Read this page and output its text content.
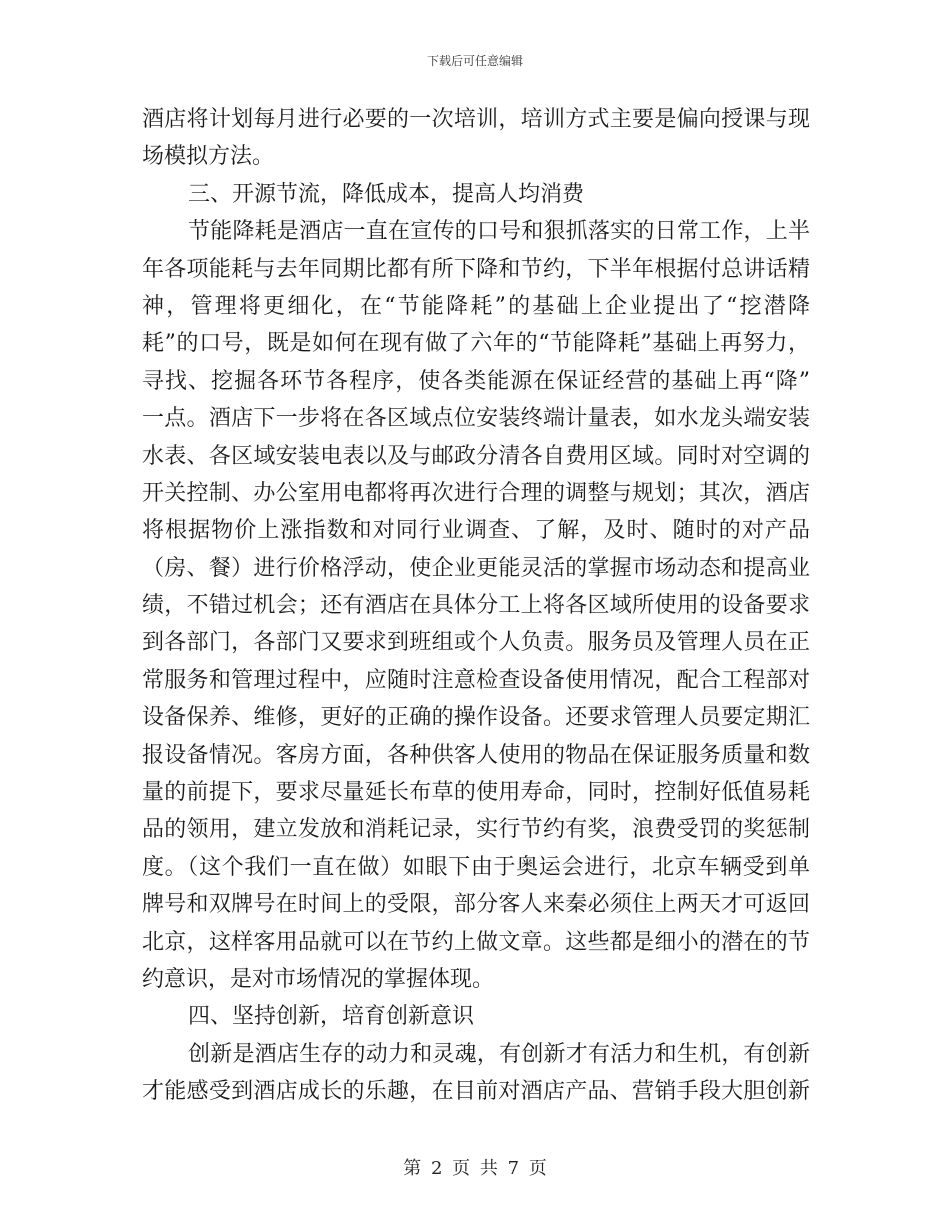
下载后可任意编辑
酒店将计划每月进行必要的一次培训，培训方式主要是偏向授课与现
场模拟方法。
三、开源节流，降低成本，提高人均消费
节能降耗是酒店一直在宣传的口号和狠抓落实的日常工作，上半
年各项能耗与去年同期比都有所下降和节约，下半年根据付总讲话精
神，管理将更细化，在“节能降耗”的基础上企业提出了“挖潜降
耗”的口号，既是如何在现有做了六年的“节能降耗”基础上再努力，
寻找、挖掘各环节各程序，使各类能源在保证经营的基础上再“降”
一点。酒店下一步将在各区域点位安装终端计量表，如水龙头端安装
水表、各区域安装电表以及与邮政分清各自费用区域。同时对空调的
开关控制、办公室用电都将再次进行合理的调整与规划；其次，酒店
将根据物价上涨指数和对同行业调查、了解，及时、随时的对产品
（房、餐）进行价格浮动，使企业更能灵活的掌握市场动态和提高业
绩，不错过机会；还有酒店在具体分工上将各区域所使用的设备要求
到各部门，各部门又要求到班组或个人负责。服务员及管理人员在正
常服务和管理过程中，应随时注意检查设备使用情况，配合工程部对
设备保养、维修，更好的正确的操作设备。还要求管理人员要定期汇
报设备情况。客房方面，各种供客人使用的物品在保证服务质量和数
量的前提下，要求尽量延长布草的使用寿命，同时，控制好低值易耗
品的领用，建立发放和消耗记录，实行节约有奖，浪费受罚的奖惩制
度。（这个我们一直在做）如眼下由于奥运会进行，北京车辆受到单
牌号和双牌号在时间上的受限，部分客人来秦必须住上两天才可返回
北京，这样客用品就可以在节约上做文章。这些都是细小的潜在的节
约意识，是对市场情况的掌握体现。
四、坚持创新，培育创新意识
创新是酒店生存的动力和灵魂，有创新才有活力和生机，有创新
才能感受到酒店成长的乐趣，在目前对酒店产品、营销手段大胆创新
第 2 页 共 7 页
